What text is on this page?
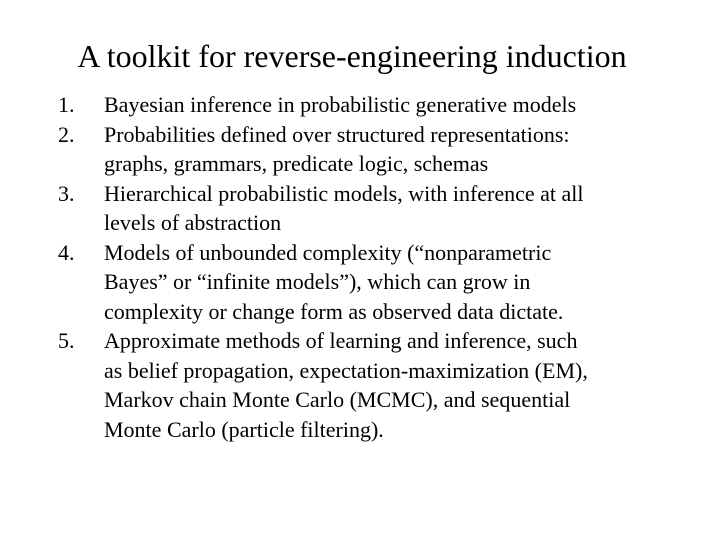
A toolkit for reverse-engineering induction
1. Bayesian inference in probabilistic generative models
2. Probabilities defined over structured representations:
graphs, grammars, predicate logic, schemas
3. Hierarchical probabilistic models, with inference at all
levels of abstraction
4. Models of unbounded complexity (“nonparametric
Bayes” or “infinite models”), which can grow in
complexity or change form as observed data dictate.
5. Approximate methods of learning and inference, such
as belief propagation, expectation-maximization (EM),
Markov chain Monte Carlo (MCMC), and sequential
Monte Carlo (particle filtering).
